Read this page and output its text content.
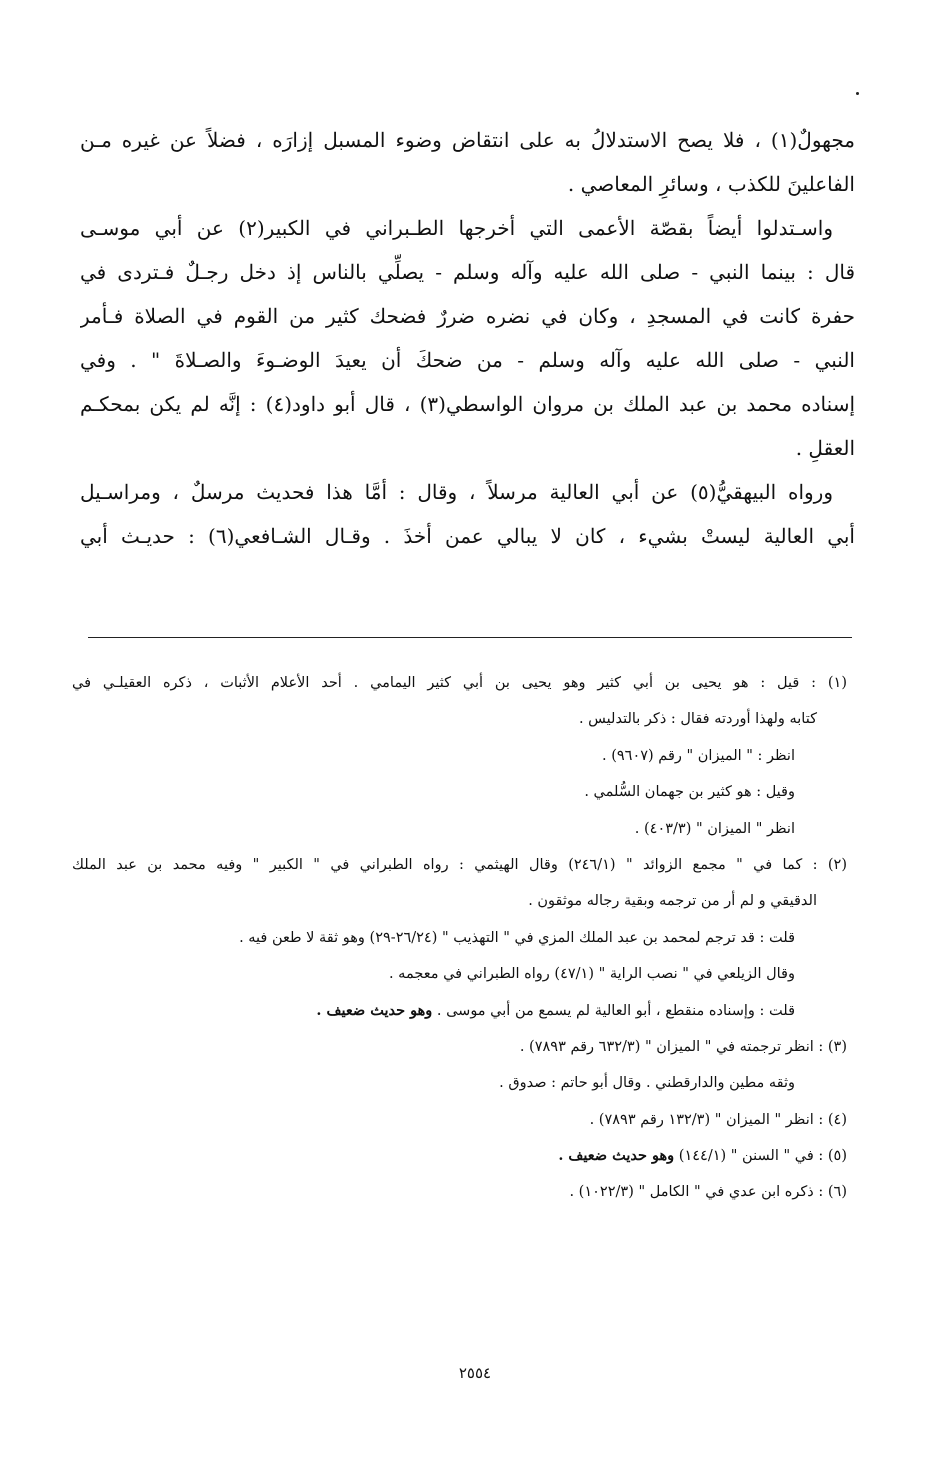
مجهولٌ(١) ، فلا يصح الاستدلالُ به على انتقاض وضوء المسبل إزارَه ، فضلاً عن غيره مـن
الفاعلينَ للكذب ، وسائرِ المعاصي .
واسـتدلوا أيضاً بقصّة الأعمى التي أخرجها الطـبراني في الكبير(٢) عن أبي موسـى
قال : بينما النبي - صلى الله عليه وآله وسلم - يصلِّي بالناس إذ دخل رجـلٌ فـتردى في
حفرة كانت في المسجدِ ، وكان في نضره ضررٌ فضحك كثير من القوم في الصلاة فـأمر
النبي - صلى الله عليه وآله وسلم - من ضحكَ أن يعيدَ الوضـوءَ والصـلاةَ " . وفي
إسناده محمد بن عبد الملك بن مروان الواسطي(٣) ، قال أبو داود(٤) : إنَّه لم يكن بمحكـم
العقلِ .
ورواه البيهقيُّ(٥) عن أبي العالية مرسلاً ، وقال : أمَّا هذا فحديث مرسلٌ ، ومراسـيل
أبي العالية ليستْ بشيء ، كان لا يبالي عمن أخذَ . وقـال الشـافعي(٦) : حديـث أبي
(١) : قيل : هو يحيى بن أبي كثير وهو يحيى بن أبي كثير اليمامي . أحد الأعلام الأثبات ، ذكره العقيلـي في
كتابه ولهذا أوردته فقال : ذكر بالتدليس .
انظر : " الميزان " رقم (٩٦٠٧) .
وقيل : هو كثير بن جهمان السُّلمي .
انظر " الميزان " (٤٠٣/٣) .
(٢) : كما في " مجمع الزوائد " (٢٤٦/١) وقال الهيثمي : رواه الطبراني في " الكبير " وفيه محمد بن عبد الملك
الدقيقي و لم أر من ترجمه وبقية رجاله موثقون .
قلت : قد ترجم لمحمد بن عبد الملك المزي في " التهذيب " (٢٦/٢٤-٢٩) وهو ثقة لا طعن فيه .
وقال الزيلعي في " نصب الراية " (٤٧/١) رواه الطبراني في معجمه .
قلت : وإسناده منقطع ، أبو العالية لم يسمع من أبي موسى . وهو حديث ضعيف .
(٣) : انظر ترجمته في " الميزان " (٦٣٢/٣ رقم ٧٨٩٣) .
وثقه مطين والدارقطني . وقال أبو حاتم : صدوق .
(٤) : انظر " الميزان " (١٣٢/٣ رقم ٧٨٩٣) .
(٥) : في " السنن " (١٤٤/١) وهو حديث ضعيف .
(٦) : ذكره ابن عدي في " الكامل " (١٠٢٢/٣) .
٢٥٥٤
